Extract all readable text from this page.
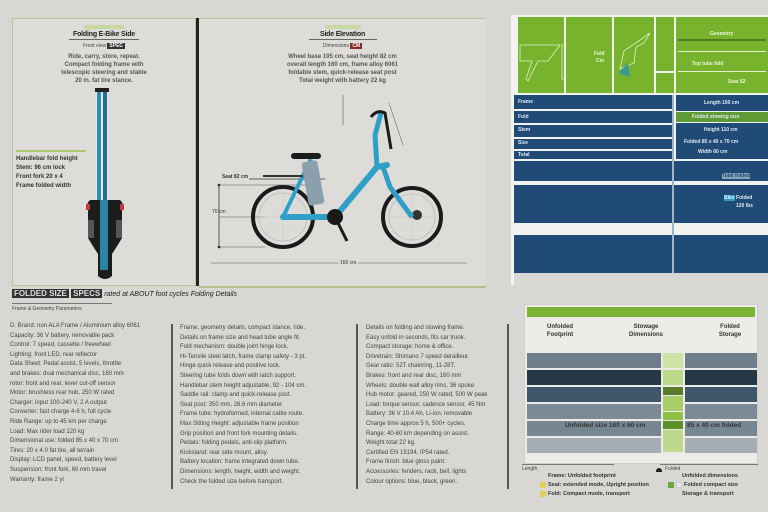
Folding E-Bike Side
Front view SPEC
Ride, carry, store, repeat.
Compact folding frame with
telescopic steering and stable
20 in. fat tire stance.
Handlebar fold height
Stem: 96 cm lock
Front fork 20 x 4
Frame folded width
Side Elevation
Dimensions CM
Wheel base 105 cm, seat height 82 cm
overall length 160 cm, frame alloy 6061
foldable stem, quick-release seat post
Total weight with battery 22 kg
Seat 82 cm
70 cm
160 cm
Fold
Cm
Geometry
Top tube fold
Seat 82
Frame
Fold
Stem
Size
Total
Length 160 cm
Folded stowing size
Height 110 cm
Folded 85 x 40 x 70 cm
Width 60 cm
Total folded
Bike Folded
120 lbs
FOLDED SIZE SPECS rated at ABOUT foot cycles Folding Details
Frame & Geometry Parameters
D. Brand: non ALA Frame / Aluminium alloy 6061
Capacity: 36 V battery, removable pack
Control: 7 speed, cassette / freewheel
Lighting: front LED, rear reflector
Data Sheet: Pedal assist, 5 levels, throttle
and brakes: dual mechanical disc, 160 mm
rotor: front and rear, lever cut-off sensor
Motor: brushless rear hub, 250 W rated
Charger: input 100-240 V, 2 A output
Converter: fast charge 4-6 h, full cycle
Ride Range: up to 45 km per charge
Load: Max rider load 120 kg
Dimensional use: folded 85 x 40 x 70 cm
Tires: 20 x 4.0 fat tire, all terrain
Display: LCD panel, speed, battery level
Suspension: front fork, 60 mm travel
Warranty: frame 2 yr
Frame, geometry details, compact stance, ride.
Details on frame size and head tube angle fit.
Fold mechanism: double joint hinge lock.
Hi-Tensile steel latch, frame clamp safety - 3 pt.
Hinge quick release and positive lock.
Steering tube folds down with latch support.
Handlebar stem height adjustable, 92 - 104 cm.
Saddle rail: clamp and quick-release post.
Seat post: 350 mm, 28.6 mm diameter.
Frame tube: hydroformed, internal cable route.
Max Sitting Height: adjustable frame position
Grip position and front fork mounting details.
Pedals: folding pedals, anti-slip platform.
Kickstand: rear side mount, alloy.
Battery location: frame integrated down tube.
Dimensions: length, height, width and weight.
Check the folded size before transport.
Details on folding and stowing frame.
Easy unfold in seconds, fits car trunk.
Compact storage: home & office.
Drivetrain: Shimano 7 speed derailleur.
Gear ratio: 52T chainring, 11-28T.
Brakes: front and rear disc, 160 mm
Wheels: double wall alloy rims, 36 spoke
Hub motor: geared, 250 W rated, 500 W peak
Load: torque sensor, cadence sensor, 45 Nm
Battery: 36 V 10.4 Ah, Li-ion, removable
Charge time approx 5 h, 500+ cycles.
Range: 40-60 km depending on assist.
Weight total 22 kg.
Certified EN 15194, IP54 rated.
Frame finish: blue gloss paint.
Accessories: fenders, rack, bell, lights
Colour options: blue, black, green.
Unfolded
Footprint
Stowage
Dimensions
Folded
Storage
Unfolded size 160 x 60 cm	85 x 40 cm folded
Length	Folded
Frame: Unfolded footprint
Seat: extended mode, Upright position
Fold: Compact mode, transport
Unfolded dimensions
Folded compact size
Storage & transport
